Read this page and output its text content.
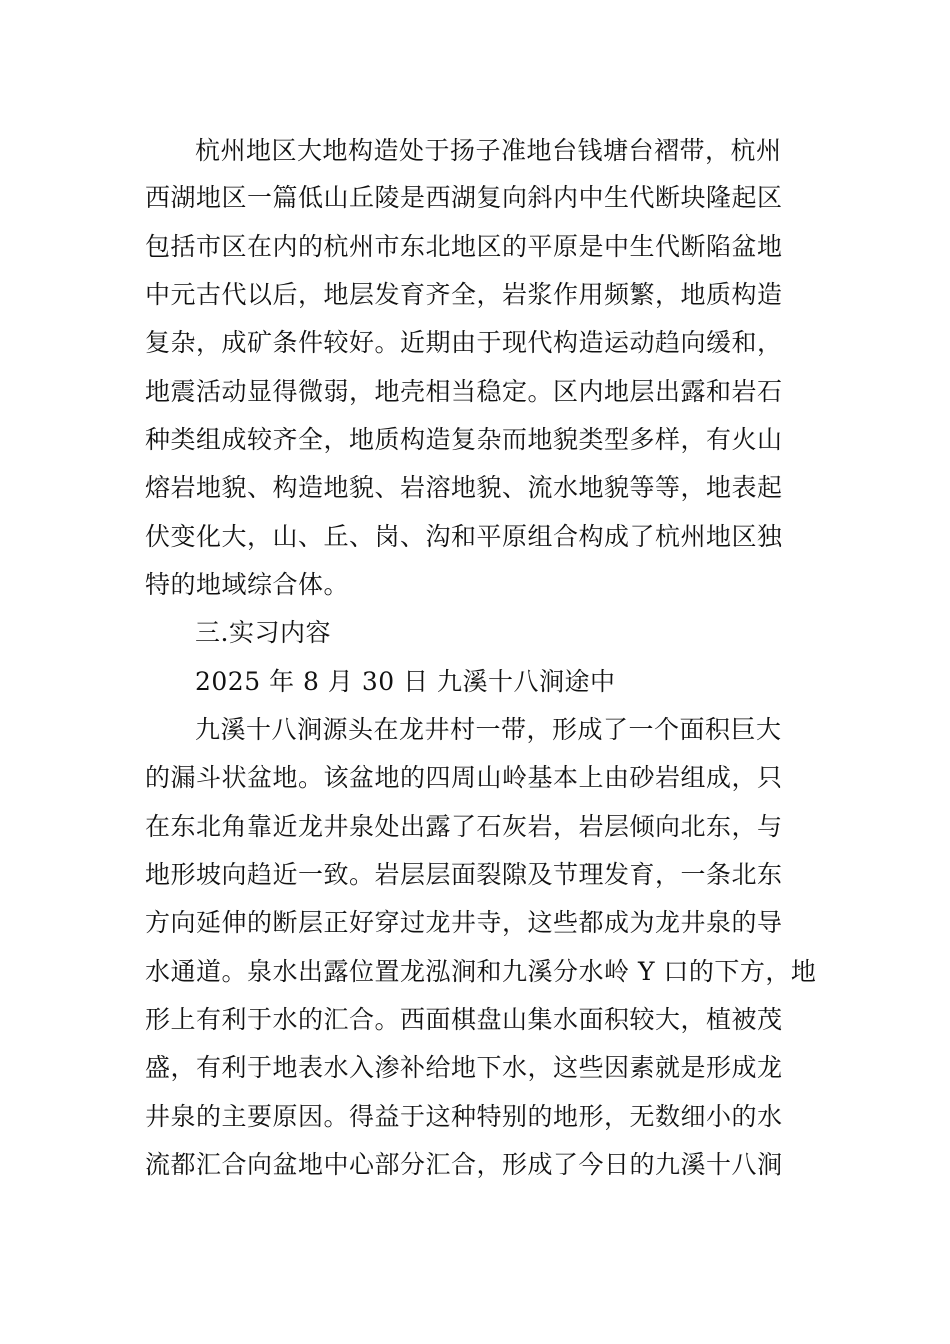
杭州地区大地构造处于扬子准地台钱塘台褶带，杭州
西湖地区一篇低山丘陵是西湖复向斜内中生代断块隆起区
包括市区在内的杭州市东北地区的平原是中生代断陷盆地
中元古代以后，地层发育齐全，岩浆作用频繁，地质构造
复杂，成矿条件较好。近期由于现代构造运动趋向缓和，
地震活动显得微弱，地壳相当稳定。区内地层出露和岩石
种类组成较齐全，地质构造复杂而地貌类型多样，有火山
熔岩地貌、构造地貌、岩溶地貌、流水地貌等等，地表起
伏变化大，山、丘、岗、沟和平原组合构成了杭州地区独
特的地域综合体。
三.实习内容
2025 年 8 月 30 日 九溪十八涧途中
九溪十八涧源头在龙井村一带，形成了一个面积巨大
的漏斗状盆地。该盆地的四周山岭基本上由砂岩组成，只
在东北角靠近龙井泉处出露了石灰岩，岩层倾向北东，与
地形坡向趋近一致。岩层层面裂隙及节理发育，一条北东
方向延伸的断层正好穿过龙井寺，这些都成为龙井泉的导
水通道。泉水出露位置龙泓涧和九溪分水岭 Y 口的下方，地
形上有利于水的汇合。西面棋盘山集水面积较大，植被茂
盛，有利于地表水入渗补给地下水，这些因素就是形成龙
井泉的主要原因。得益于这种特别的地形，无数细小的水
流都汇合向盆地中心部分汇合，形成了今日的九溪十八涧
